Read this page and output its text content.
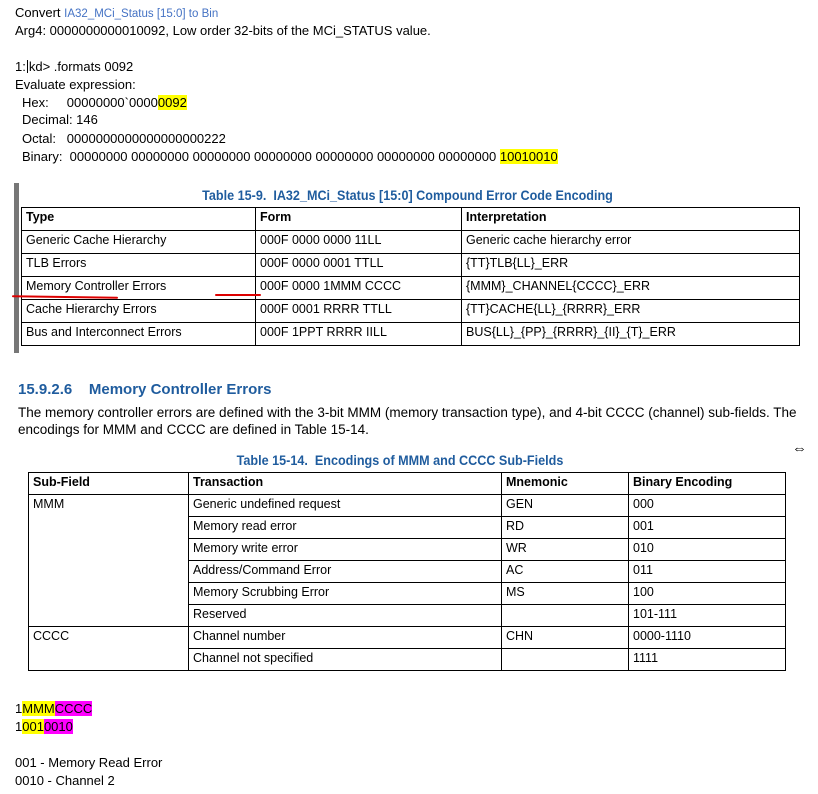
Convert IA32_MCi_Status [15:0] to Bin
Arg4: 0000000000010092, Low order 32-bits of the MCi_STATUS value.
1: kd> .formats 0092
Evaluate expression:
Hex:     00000000`00000092
Decimal: 146
Octal:   0000000000000000000222
Binary:  00000000 00000000 00000000 00000000 00000000 00000000 00000000 10010010
Table 15-9.  IA32_MCi_Status [15:0] Compound Error Code Encoding
Type	Form	Interpretation
Generic Cache Hierarchy	000F 0000 0000 11LL	Generic cache hierarchy error
TLB Errors	000F 0000 0001 TTLL	{TT}TLB{LL}_ERR
Memory Controller Errors	000F 0000 1MMM CCCC	{MMM}_CHANNEL{CCCC}_ERR
Cache Hierarchy Errors	000F 0001 RRRR TTLL	{TT}CACHE{LL}_{RRRR}_ERR
Bus and Interconnect Errors	000F 1PPT RRRR IILL	BUS{LL}_{PP}_{RRRR}_{II}_{T}_ERR
15.9.2.6    Memory Controller Errors
The memory controller errors are defined with the 3-bit MMM (memory transaction type), and 4-bit CCCC (channel) sub-fields. The encodings for MMM and CCCC are defined in Table 15-14.
⇔
Table 15-14.  Encodings of MMM and CCCC Sub-Fields
Sub-Field	Transaction	Mnemonic	Binary Encoding
MMM	Generic undefined request	GEN	000
	Memory read error	RD	001
	Memory write error	WR	010
	Address/Command Error	AC	011
	Memory Scrubbing Error	MS	100
	Reserved		101-111
CCCC	Channel number	CHN	0000-1110
	Channel not specified		1111
1MMMCCCC
10010010
001 - Memory Read Error
0010 - Channel 2
